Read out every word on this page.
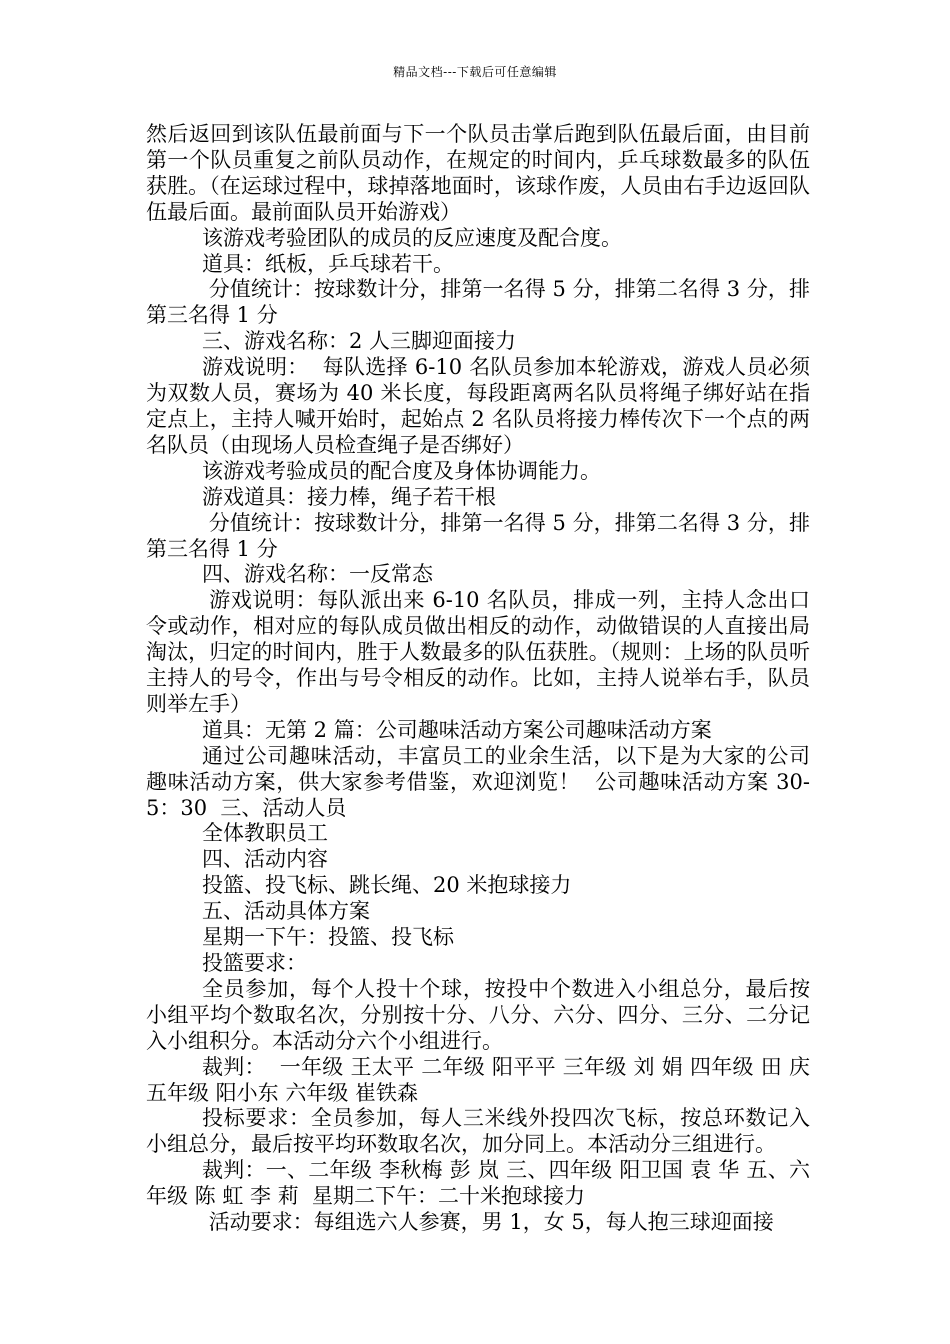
精品文档---下载后可任意编辑

然后返回到该队伍最前面与下一个队员击掌后跑到队伍最后面，由目前第一个队员重复之前队员动作，在规定的时间内，乒乓球数最多的队伍获胜。（在运球过程中，球掉落地面时，该球作废，人员由右手边返回队伍最后面。最前面队员开始游戏）

该游戏考验团队的成员的反应速度及配合度。

道具：纸板，乒乓球若干。

分值统计：按球数计分，排第一名得 5 分，排第二名得 3 分，排第三名得 1 分

三、游戏名称：2 人三脚迎面接力

游戏说明：  每队选择 6-10 名队员参加本轮游戏，游戏人员必须为双数人员，赛场为 40 米长度，每段距离两名队员将绳子绑好站在指定点上，主持人喊开始时，起始点 2 名队员将接力棒传次下一个点的两名队员（由现场人员检查绳子是否绑好）

该游戏考验成员的配合度及身体协调能力。

游戏道具：接力棒，绳子若干根

分值统计：按球数计分，排第一名得 5 分，排第二名得 3 分，排第三名得 1 分

四、游戏名称：一反常态

游戏说明：每队派出来 6-10 名队员，排成一列，主持人念出口令或动作，相对应的每队成员做出相反的动作，动做错误的人直接出局淘汰，归定的时间内，胜于人数最多的队伍获胜。（规则：上场的队员听主持人的号令，作出与号令相反的动作。比如，主持人说举右手，队员则举左手）

道具：无第 2 篇：公司趣味活动方案公司趣味活动方案

通过公司趣味活动，丰富员工的业余生活，以下是为大家的公司趣味活动方案，供大家参考借鉴，欢迎浏览！  公司趣味活动方案 30-5：30  三、活动人员

全体教职员工

四、活动内容

投篮、投飞标、跳长绳、20 米抱球接力

五、活动具体方案

星期一下午：投篮、投飞标

投篮要求：

全员参加，每个人投十个球，按投中个数进入小组总分，最后按小组平均个数取名次，分别按十分、八分、六分、四分、三分、二分记入小组积分。本活动分六个小组进行。

裁判：  一年级 王太平 二年级 阳平平 三年级 刘 娟 四年级 田 庆 五年级 阳小东 六年级 崔铁森

投标要求：全员参加，每人三米线外投四次飞标，按总环数记入小组总分，最后按平均环数取名次，加分同上。本活动分三组进行。

裁判：一、二年级 李秋梅 彭 岚 三、四年级 阳卫国 袁 华 五、六年级 陈 虹 李 莉  星期二下午：二十米抱球接力

活动要求：每组选六人参赛，男 1，女 5，每人抱三球迎面接
